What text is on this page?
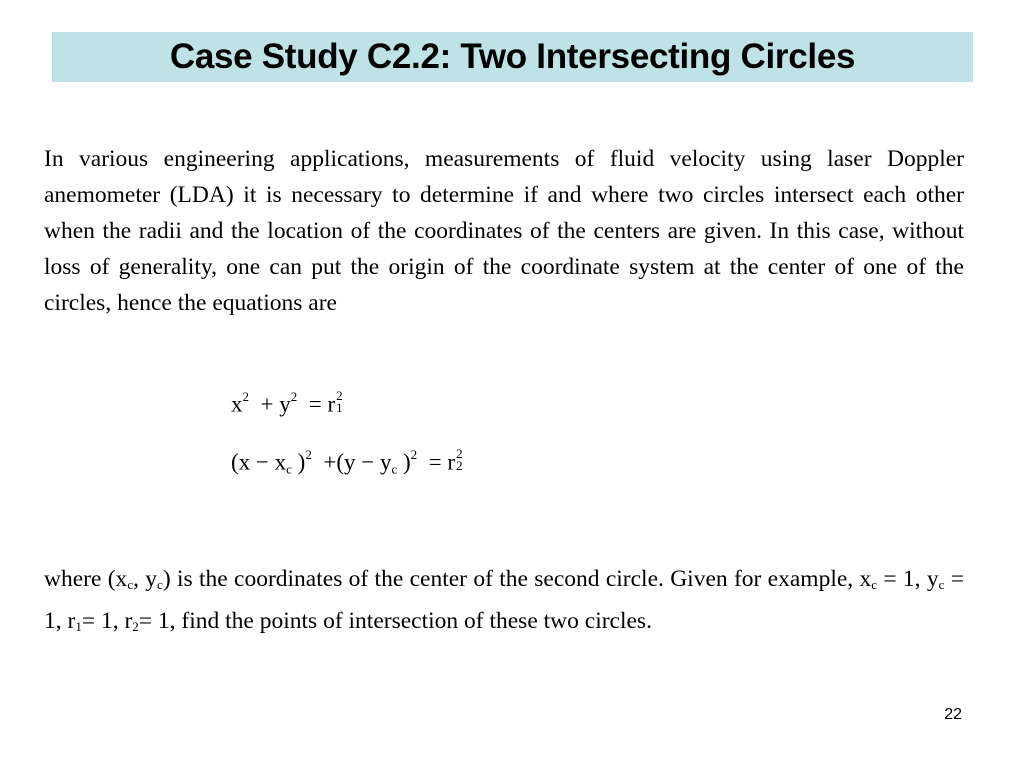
Case Study C2.2: Two Intersecting Circles

In various engineering applications, measurements of fluid velocity using laser Doppler anemometer (LDA) it is necessary to determine if and where two circles intersect each other when the radii and the location of the coordinates of the centers are given. In this case, without loss of generality, one can put the origin of the coordinate system at the center of one of the circles, hence the equations are

$x^2 + y^2 = r$ 2
1
($x - x_c$ )$^2 +(y - y_c$ )$^2$ = r 2
2

where ($x_c$, $y_c$) is the coordinates of the center of the second circle. Given for example, $x_c = 1$, $y_c = 1$, $r_1= 1$, $r_2= 1$, find the points of intersection of these two circles.

22
